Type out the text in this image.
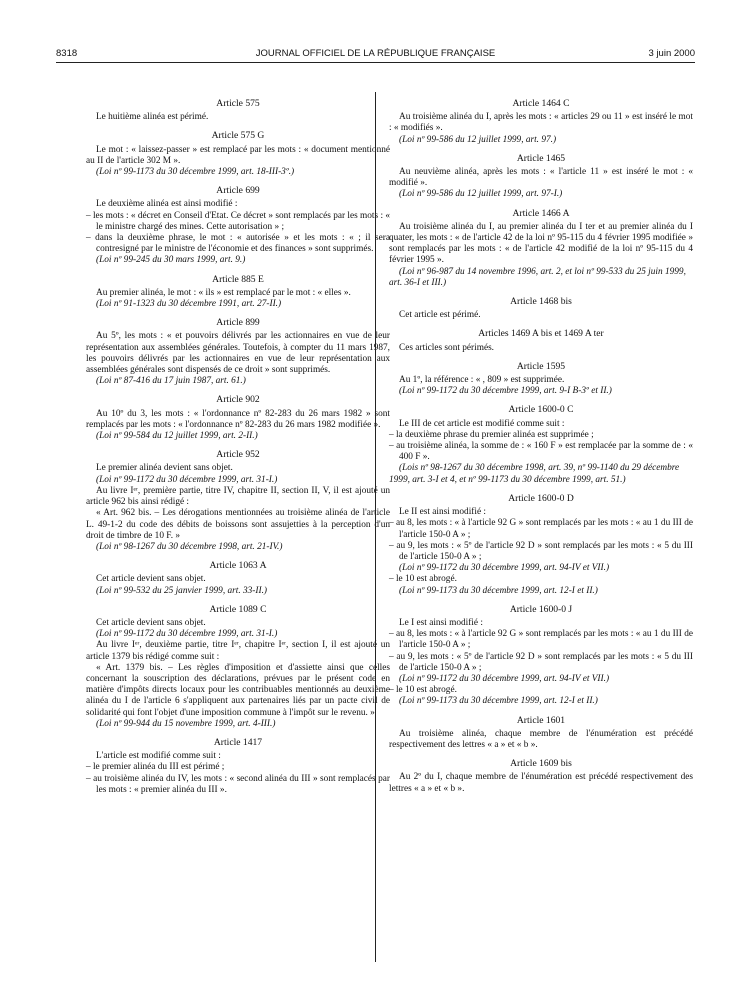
8318	JOURNAL OFFICIEL DE LA RÉPUBLIQUE FRANÇAISE	3 juin 2000
Article 575

Le huitième alinéa est périmé.

Article 575 G

Le mot : « laissez-passer » est remplacé par les mots : « document mentionné au II de l'article 302 M ».

(Loi nº 99-1173 du 30 décembre 1999, art. 18-III-3º.)

Article 699

Le deuxième alinéa est ainsi modifié :

– les mots : « décret en Conseil d'Etat. Ce décret » sont remplacés par les mots : « le ministre chargé des mines. Cette autorisation » ;

– dans la deuxième phrase, le mot : « autorisée » et les mots : « ; il sera contresigné par le ministre de l'économie et des finances » sont supprimés.

(Loi nº 99-245 du 30 mars 1999, art. 9.)

Article 885 E

Au premier alinéa, le mot : « ils » est remplacé par le mot : « elles ».

(Loi nº 91-1323 du 30 décembre 1991, art. 27-II.)

Article 899

Au 5º, les mots : « et pouvoirs délivrés par les actionnaires en vue de leur représentation aux assemblées générales. Toutefois, à compter du 11 mars 1987, les pouvoirs délivrés par les actionnaires en vue de leur représentation aux assemblées générales sont dispensés de ce droit » sont supprimés.

(Loi nº 87-416 du 17 juin 1987, art. 61.)

Article 902

Au 10º du 3, les mots : « l'ordonnance nº 82-283 du 26 mars 1982 » sont remplacés par les mots : « l'ordonnance nº 82-283 du 26 mars 1982 modifiée ».

(Loi nº 99-584 du 12 juillet 1999, art. 2-II.)

Article 952

Le premier alinéa devient sans objet.

(Loi nº 99-1172 du 30 décembre 1999, art. 31-I.)

Au livre Iᵉʳ, première partie, titre IV, chapitre II, section II, V, il est ajouté un article 962 bis ainsi rédigé :

« Art. 962 bis. – Les dérogations mentionnées au troisième alinéa de l'article L. 49-1-2 du code des débits de boissons sont assujetties à la perception d'un droit de timbre de 10 F. »

(Loi nº 98-1267 du 30 décembre 1998, art. 21-IV.)

Article 1063 A

Cet article devient sans objet.

(Loi nº 99-532 du 25 janvier 1999, art. 33-II.)

Article 1089 C

Cet article devient sans objet.

(Loi nº 99-1172 du 30 décembre 1999, art. 31-I.)

Au livre Iᵉʳ, deuxième partie, titre Iᵉʳ, chapitre Iᵉʳ, section I, il est ajouté un article 1379 bis rédigé comme suit :

« Art. 1379 bis. – Les règles d'imposition et d'assiette ainsi que celles concernant la souscription des déclarations, prévues par le présent code en matière d'impôts directs locaux pour les contribuables mentionnés au deuxième alinéa du I de l'article 6 s'appliquent aux partenaires liés par un pacte civil de solidarité qui font l'objet d'une imposition commune à l'impôt sur le revenu. »

(Loi nº 99-944 du 15 novembre 1999, art. 4-III.)

Article 1417

L'article est modifié comme suit :

– le premier alinéa du III est périmé ;

– au troisième alinéa du IV, les mots : « second alinéa du III » sont remplacés par les mots : « premier alinéa du III ».

Article 1464 C

Au troisième alinéa du I, après les mots : « articles 29 ou 11 » est inséré le mot : « modifiés ».

(Loi nº 99-586 du 12 juillet 1999, art. 97.)

Article 1465

Au neuvième alinéa, après les mots : « l'article 11 » est inséré le mot : « modifié ».

(Loi nº 99-586 du 12 juillet 1999, art. 97-I.)

Article 1466 A

Au troisième alinéa du I, au premier alinéa du I ter et au premier alinéa du I quater, les mots : « de l'article 42 de la loi nº 95-115 du 4 février 1995 modifiée » sont remplacés par les mots : « de l'article 42 modifié de la loi nº 95-115 du 4 février 1995 ».

(Loi nº 96-987 du 14 novembre 1996, art. 2, et loi nº 99-533 du 25 juin 1999, art. 36-I et III.)

Article 1468 bis

Cet article est périmé.

Articles 1469 A bis et 1469 A ter

Ces articles sont périmés.

Article 1595

Au 1º, la référence : « , 809 » est supprimée.

(Loi nº 99-1172 du 30 décembre 1999, art. 9-I B-3º et II.)

Article 1600-0 C

Le III de cet article est modifié comme suit :

– la deuxième phrase du premier alinéa est supprimée ;

– au troisième alinéa, la somme de : « 160 F » est remplacée par la somme de : « 400 F ».

(Lois nº 98-1267 du 30 décembre 1998, art. 39, nº 99-1140 du 29 décembre 1999, art. 3-I et 4, et nº 99-1173 du 30 décembre 1999, art. 51.)

Article 1600-0 D

Le II est ainsi modifié :

– au 8, les mots : « à l'article 92 G » sont remplacés par les mots : « au 1 du III de l'article 150-0 A » ;

– au 9, les mots : « 5º de l'article 92 D » sont remplacés par les mots : « 5 du III de l'article 150-0 A » ;

(Loi nº 99-1172 du 30 décembre 1999, art. 94-IV et VII.)

– le 10 est abrogé.

(Loi nº 99-1173 du 30 décembre 1999, art. 12-I et II.)

Article 1600-0 J

Le I est ainsi modifié :

– au 8, les mots : « à l'article 92 G » sont remplacés par les mots : « au 1 du III de l'article 150-0 A » ;

– au 9, les mots : « 5º de l'article 92 D » sont remplacés par les mots : « 5 du III de l'article 150-0 A » ;

(Loi nº 99-1172 du 30 décembre 1999, art. 94-IV et VII.)

– le 10 est abrogé.

(Loi nº 99-1173 du 30 décembre 1999, art. 12-I et II.)

Article 1601

Au troisième alinéa, chaque membre de l'énumération est précédé respectivement des lettres « a » et « b ».

Article 1609 bis

Au 2º du I, chaque membre de l'énumération est précédé respectivement des lettres « a » et « b ».
